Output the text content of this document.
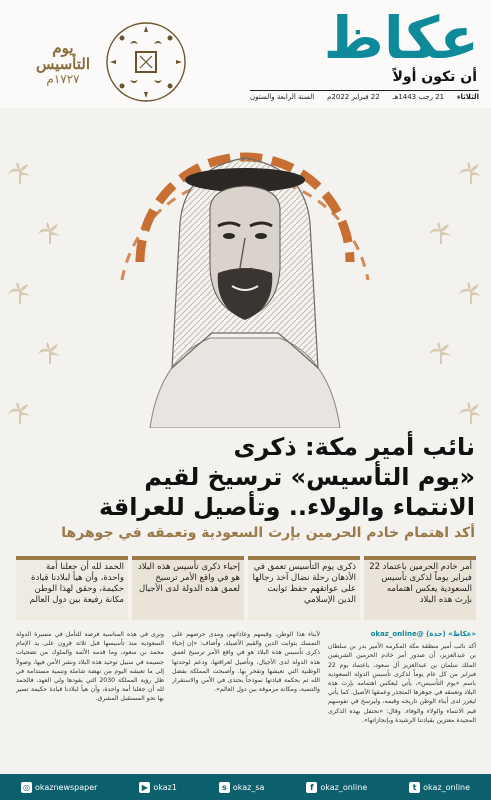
عكاظ
أن تكون أولاً
الثلاثاء
21 رجب 1443هـ
22 فبراير 2022م
السنة الرابعة والستون
يوم
التأسيس
١٧٢٧م
نائب أمير مكة: ذكرى
«يوم التأسيس» ترسيخ لقيم
الانتماء والولاء.. وتأصيل للعراقة
أكد اهتمام خادم الحرمين بإرث السعودية وتعمقه في جوهرها
أمر خادم الحرمين باعتماد 22 فبراير يوماً لذكرى تأسيس السعودية يعكس اهتمامه بإرث هذه البلاد
ذكرى يوم التأسيس تعمق في الأذهان رحلة نضال آخذ رجالها على عواتقهم حفظ ثوابت الدين الإسلامي
إحياء ذكرى تأسيس هذه البلاد هو في واقع الأمر ترسيخ لعمق هذه الدولة لدى الأجيال
الحمد لله أن جعلنا أمة واحدة، وأن هيأ لبلادنا قيادة حكيمة، وحقق لهذا الوطن مكانة رفيعة بين دول العالم
«عكاظ» (جدة) @okaz_online
أكد نائب أمير منطقة مكة المكرمة الأمير بدر بن سلطان بن عبدالعزيز، أن صدور أمر خادم الحرمين الشريفين الملك سلمان بن عبدالعزيز آل سعود، باعتماد يوم 22 فبراير من كل عام يوماً لذكرى تأسيس الدولة السعودية باسم «يوم التأسيس»، يأتي ليعكس اهتمامه بإرث هذه البلاد وتعمقه في جوهرها المتجذر وعمقها الأصيل. كما يأتي ليعزز لدى أبناء الوطن تاريخه وقيمه، وليرسخ في نفوسهم قيم الانتماء والولاء والوفاء. وقال: «نحتفل بهذه الذكرى المجيدة معتزين بقيادتنا الرشيدة وبإنجازاتها».
لأبناء هذا الوطن، وقيمهم وعاداتهم، ومدى حرصهم على التمسك بثوابت الدين والقيم الأصيلة. وأضاف: «إن إحياء ذكرى تأسيس هذه البلاد هو في واقع الأمر ترسيخ لعمق هذه الدولة لدى الأجيال، وتأصيل لعراقتها، ودعم لوحدتها الوطنية التي نعيشها ونفخر بها. وأصبحت المملكة بفضل الله ثم بحكمة قيادتها نموذجاً يحتذى في الأمن والاستقرار والتنمية، ومكانة مرموقة بين دول العالم».
ونرى في هذه المناسبة فرصة للتأمل في مسيرة الدولة السعودية منذ تأسيسها قبل ثلاثة قرون على يد الإمام محمد بن سعود، وما قدمه الأئمة والملوك من تضحيات جسيمة في سبيل توحيد هذه البلاد ونشر الأمن فيها، وصولاً إلى ما تعيشه اليوم من نهضة شاملة وتنمية مستدامة في ظل رؤية المملكة 2030 التي يقودها ولي العهد. فالحمد لله أن جعلنا أمة واحدة، وأن هيأ لبلادنا قيادة حكيمة تسير بها نحو المستقبل المشرق.
t okaz_online
f okaz_online
s okaz_sa
▶ okaz1
◎ okaznewspaper
